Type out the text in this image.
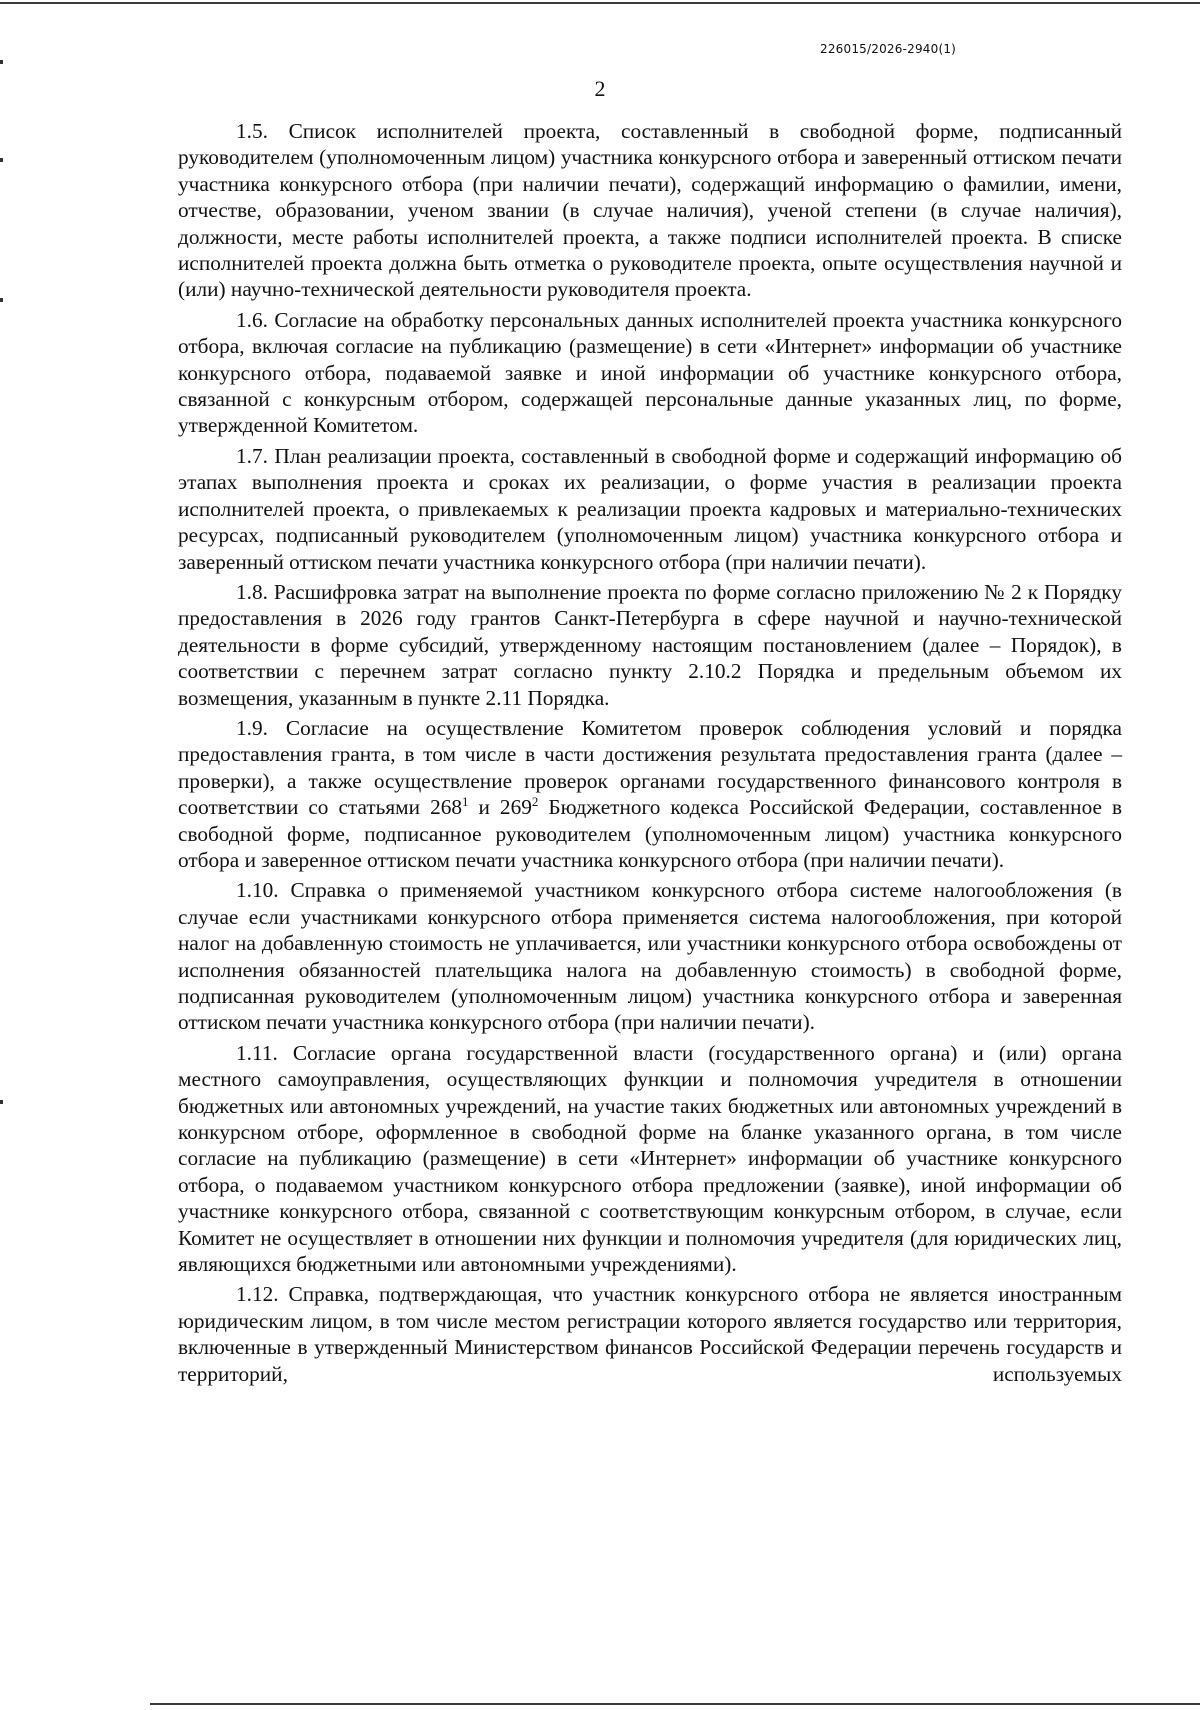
226015/2026-2940(1)
2

1.5. Список исполнителей проекта, составленный в свободной форме, подписанный руководителем (уполномоченным лицом) участника конкурсного отбора и заверенный оттиском печати участника конкурсного отбора (при наличии печати), содержащий информацию о фамилии, имени, отчестве, образовании, ученом звании (в случае наличия), ученой степени (в случае наличия), должности, месте работы исполнителей проекта, а также подписи исполнителей проекта. В списке исполнителей проекта должна быть отметка о руководителе проекта, опыте осуществления научной и (или) научно-технической деятельности руководителя проекта.

1.6. Согласие на обработку персональных данных исполнителей проекта участника конкурсного отбора, включая согласие на публикацию (размещение) в сети «Интернет» информации об участнике конкурсного отбора, подаваемой заявке и иной информации об участнике конкурсного отбора, связанной с конкурсным отбором, содержащей персональные данные указанных лиц, по форме, утвержденной Комитетом.

1.7. План реализации проекта, составленный в свободной форме и содержащий информацию об этапах выполнения проекта и сроках их реализации, о форме участия в реализации проекта исполнителей проекта, о привлекаемых к реализации проекта кадровых и материально-технических ресурсах, подписанный руководителем (уполномоченным лицом) участника конкурсного отбора и заверенный оттиском печати участника конкурсного отбора (при наличии печати).

1.8. Расшифровка затрат на выполнение проекта по форме согласно приложению № 2 к Порядку предоставления в 2026 году грантов Санкт-Петербурга в сфере научной и научно-технической деятельности в форме субсидий, утвержденному настоящим постановлением (далее – Порядок), в соответствии с перечнем затрат согласно пункту 2.10.2 Порядка и предельным объемом их возмещения, указанным в пункте 2.11 Порядка.

1.9. Согласие на осуществление Комитетом проверок соблюдения условий и порядка предоставления гранта, в том числе в части достижения результата предоставления гранта (далее – проверки), а также осуществление проверок органами государственного финансового контроля в соответствии со статьями $268^1$ и $269^2$ Бюджетного кодекса Российской Федерации, составленное в свободной форме, подписанное руководителем (уполномоченным лицом) участника конкурсного отбора и заверенное оттиском печати участника конкурсного отбора (при наличии печати).

1.10. Справка о применяемой участником конкурсного отбора системе налогообложения (в случае если участниками конкурсного отбора применяется система налогообложения, при которой налог на добавленную стоимость не уплачивается, или участники конкурсного отбора освобождены от исполнения обязанностей плательщика налога на добавленную стоимость) в свободной форме, подписанная руководителем (уполномоченным лицом) участника конкурсного отбора и заверенная оттиском печати участника конкурсного отбора (при наличии печати).

1.11. Согласие органа государственной власти (государственного органа) и (или) органа местного самоуправления, осуществляющих функции и полномочия учредителя в отношении бюджетных или автономных учреждений, на участие таких бюджетных или автономных учреждений в конкурсном отборе, оформленное в свободной форме на бланке указанного органа, в том числе согласие на публикацию (размещение) в сети «Интернет» информации об участнике конкурсного отбора, о подаваемом участником конкурсного отбора предложении (заявке), иной информации об участнике конкурсного отбора, связанной с соответствующим конкурсным отбором, в случае, если Комитет не осуществляет в отношении них функции и полномочия учредителя (для юридических лиц, являющихся бюджетными или автономными учреждениями).

1.12. Справка, подтверждающая, что участник конкурсного отбора не является иностранным юридическим лицом, в том числе местом регистрации которого является государство или территория, включенные в утвержденный Министерством финансов Российской Федерации перечень государств и территорий, используемых
